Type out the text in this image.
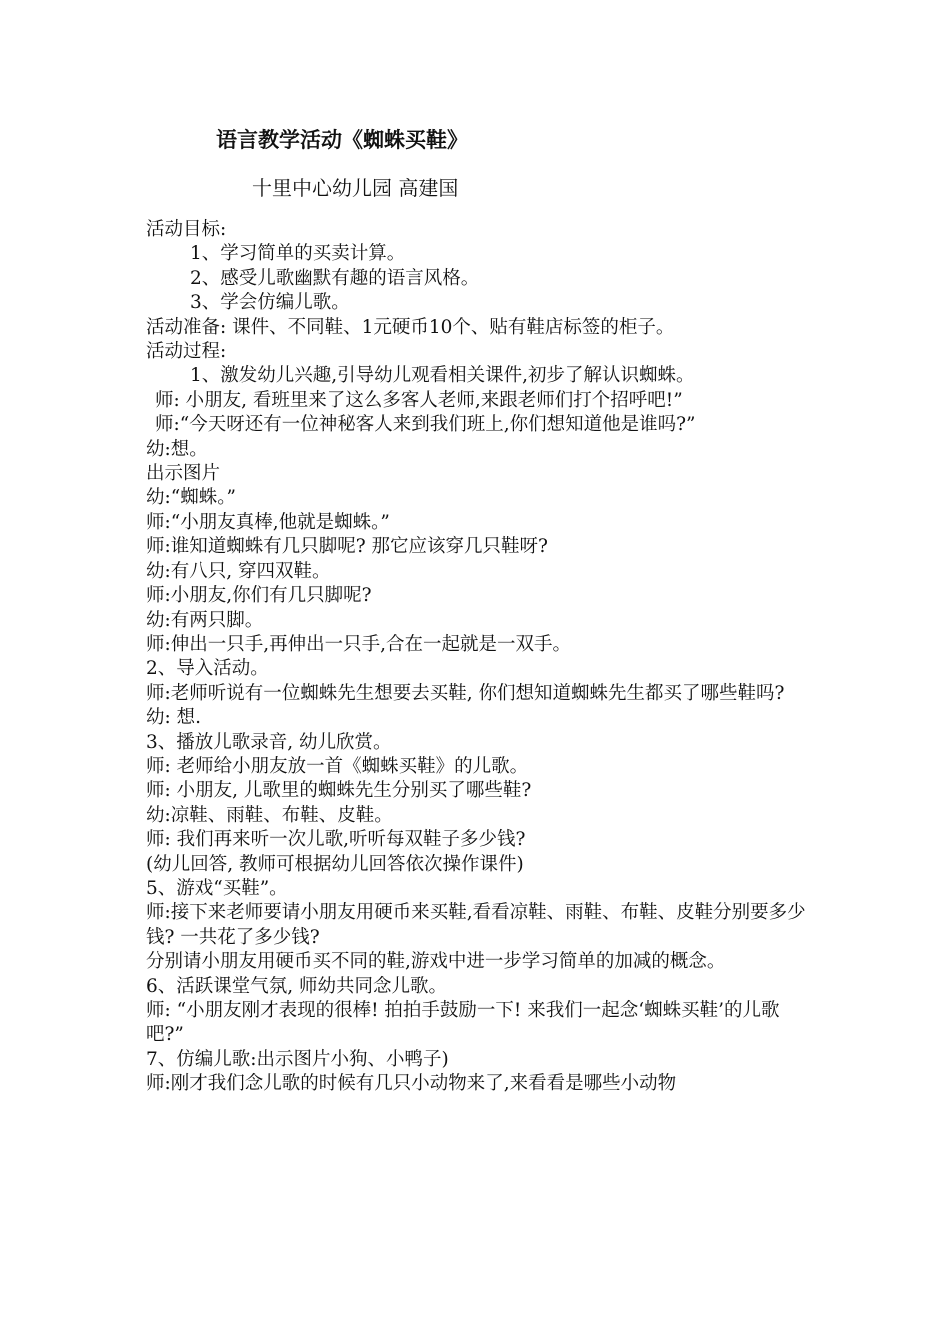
语言教学活动《蜘蛛买鞋》
十里中心幼儿园 高建国
活动目标:
1、学习简单的买卖计算。
2、感受儿歌幽默有趣的语言风格。
3、学会仿编儿歌。
活动准备: 课件、不同鞋、1元硬币10个、贴有鞋店标签的柜子。
活动过程:
1、激发幼儿兴趣,引导幼儿观看相关课件,初步了解认识蜘蛛。
师: 小朋友, 看班里来了这么多客人老师,来跟老师们打个招呼吧!”
师:“今天呀还有一位神秘客人来到我们班上,你们想知道他是谁吗?”
幼:想。
出示图片
幼:“蜘蛛。”
师:“小朋友真棒,他就是蜘蛛。”
师:谁知道蜘蛛有几只脚呢? 那它应该穿几只鞋呀?
幼:有八只, 穿四双鞋。
师:小朋友,你们有几只脚呢?
幼:有两只脚。
师:伸出一只手,再伸出一只手,合在一起就是一双手。
2、导入活动。
师:老师听说有一位蜘蛛先生想要去买鞋, 你们想知道蜘蛛先生都买了哪些鞋吗?
幼: 想.
3、播放儿歌录音, 幼儿欣赏。
师: 老师给小朋友放一首《蜘蛛买鞋》的儿歌。
师: 小朋友, 儿歌里的蜘蛛先生分别买了哪些鞋?
幼:凉鞋、雨鞋、布鞋、皮鞋。
师: 我们再来听一次儿歌,听听每双鞋子多少钱?
(幼儿回答, 教师可根据幼儿回答依次操作课件)
5、游戏“买鞋”。
师:接下来老师要请小朋友用硬币来买鞋,看看凉鞋、雨鞋、布鞋、皮鞋分别要多少钱? 一共花了多少钱?
分别请小朋友用硬币买不同的鞋,游戏中进一步学习简单的加减的概念。
6、活跃课堂气氛, 师幼共同念儿歌。
师: “小朋友刚才表现的很棒! 拍拍手鼓励一下! 来我们一起念‘蜘蛛买鞋’的儿歌吧?”
7、仿编儿歌:出示图片小狗、小鸭子)
师:刚才我们念儿歌的时候有几只小动物来了,来看看是哪些小动物
